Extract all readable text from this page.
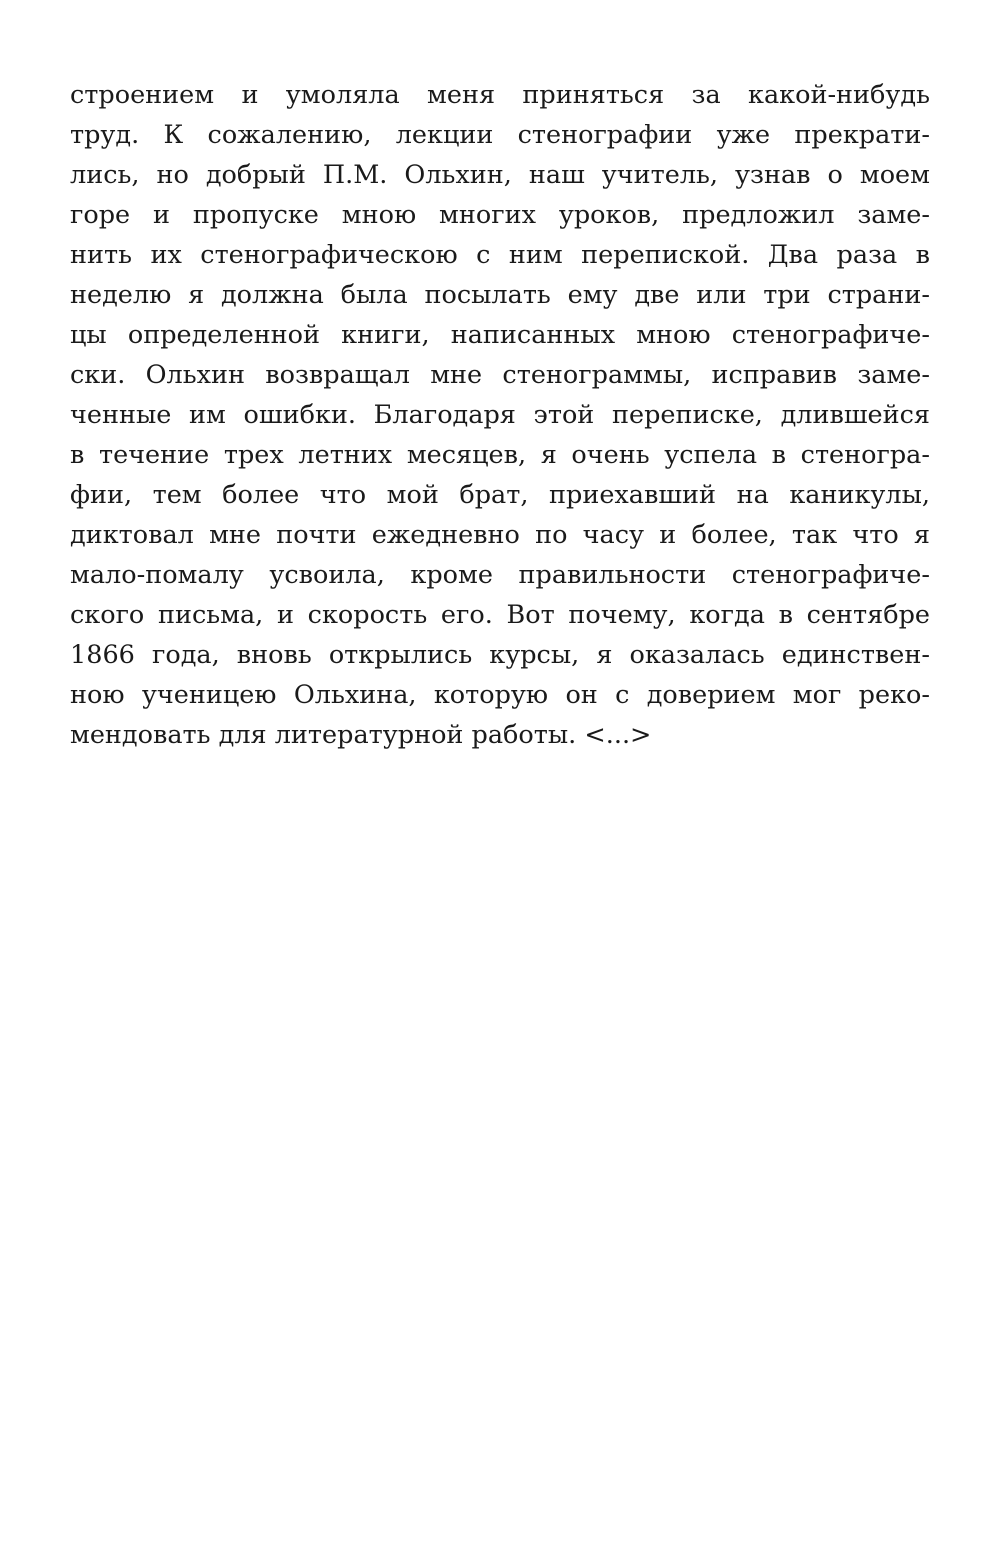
строением и умоляла меня приняться за какой-нибудь
труд. К сожалению, лекции стенографии уже прекрати-
лись, но добрый П.М. Ольхин, наш учитель, узнав о моем
горе и пропуске мною многих уроков, предложил заме-
нить их стенографическою с ним перепиской. Два раза в
неделю я должна была посылать ему две или три страни-
цы определенной книги, написанных мною стенографиче-
ски. Ольхин возвращал мне стенограммы, исправив заме-
ченные им ошибки. Благодаря этой переписке, длившейся
в течение трех летних месяцев, я очень успела в стеногра-
фии, тем более что мой брат, приехавший на каникулы,
диктовал мне почти ежедневно по часу и более, так что я
мало-помалу усвоила, кроме правильности стенографиче-
ского письма, и скорость его. Вот почему, когда в сентябре
1866 года, вновь открылись курсы, я оказалась единствен-
ною ученицею Ольхина, которую он с доверием мог реко-
мендовать для литературной работы. <...>
